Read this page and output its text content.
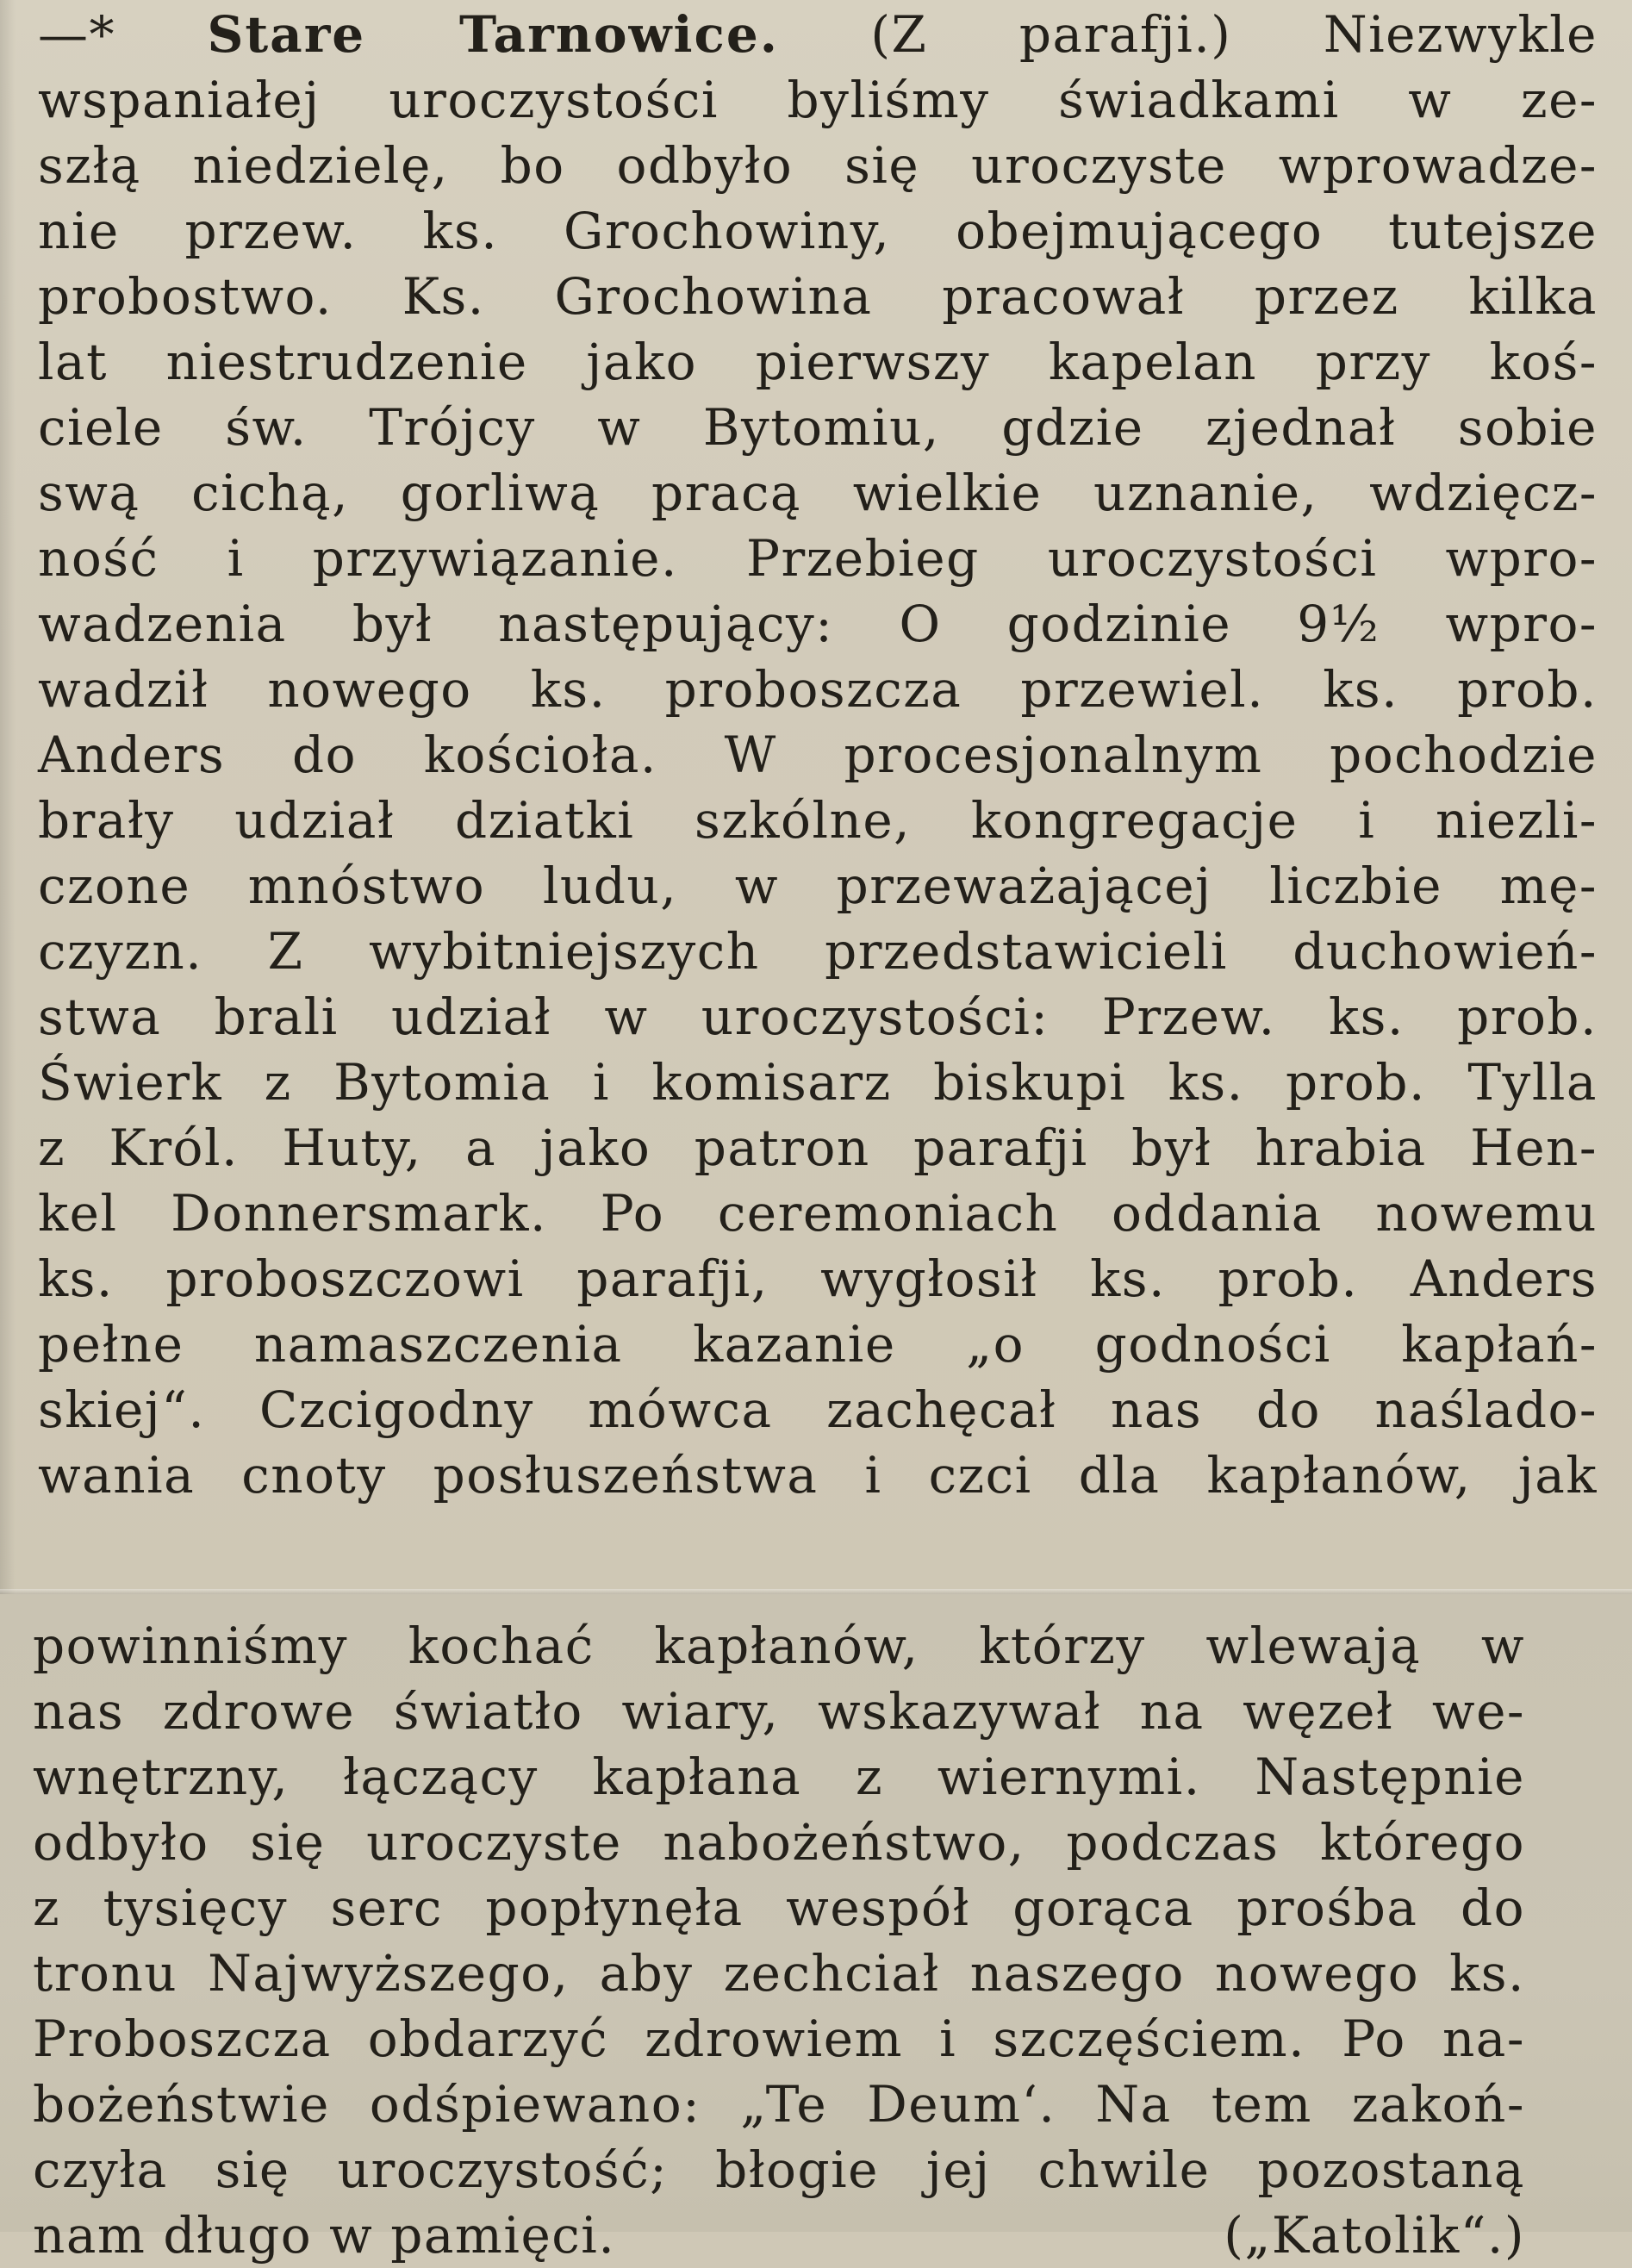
—* Stare Tarnowice. (Z parafji.) Niezwykle
wspaniałej uroczystości byliśmy świadkami w ze-
szłą niedzielę, bo odbyło się uroczyste wprowadze-
nie przew. ks. Grochowiny, obejmującego tutejsze
probostwo. Ks. Grochowina pracował przez kilka
lat niestrudzenie jako pierwszy kapelan przy koś-
ciele św. Trójcy w Bytomiu, gdzie zjednał sobie
swą cichą, gorliwą pracą wielkie uznanie, wdzięcz-
ność i przywiązanie. Przebieg uroczystości wpro-
wadzenia był następujący: O godzinie 9½ wpro-
wadził nowego ks. proboszcza przewiel. ks. prob.
Anders do kościoła. W procesjonalnym pochodzie
brały udział dziatki szkólne, kongregacje i niezli-
czone mnóstwo ludu, w przeważającej liczbie mę-
czyzn. Z wybitniejszych przedstawicieli duchowień-
stwa brali udział w uroczystości: Przew. ks. prob.
Świerk z Bytomia i komisarz biskupi ks. prob. Tylla
z Król. Huty, a jako patron parafji był hrabia Hen-
kel Donnersmark. Po ceremoniach oddania nowemu
ks. proboszczowi parafji, wygłosił ks. prob. Anders
pełne namaszczenia kazanie „o godności kapłań-
skiej“. Czcigodny mówca zachęcał nas do naślado-
wania cnoty posłuszeństwa i czci dla kapłanów, jak
powinniśmy kochać kapłanów, którzy wlewają w
nas zdrowe światło wiary, wskazywał na węzeł we-
wnętrzny, łączący kapłana z wiernymi. Następnie
odbyło się uroczyste nabożeństwo, podczas którego
z tysięcy serc popłynęła wespół gorąca prośba do
tronu Najwyższego, aby zechciał naszego nowego ks.
Proboszcza obdarzyć zdrowiem i szczęściem. Po na-
bożeństwie odśpiewano: „Te Deum‘. Na tem zakoń-
czyła się uroczystość; błogie jej chwile pozostaną
nam długo w pamięci.	(„Katolik“.)
